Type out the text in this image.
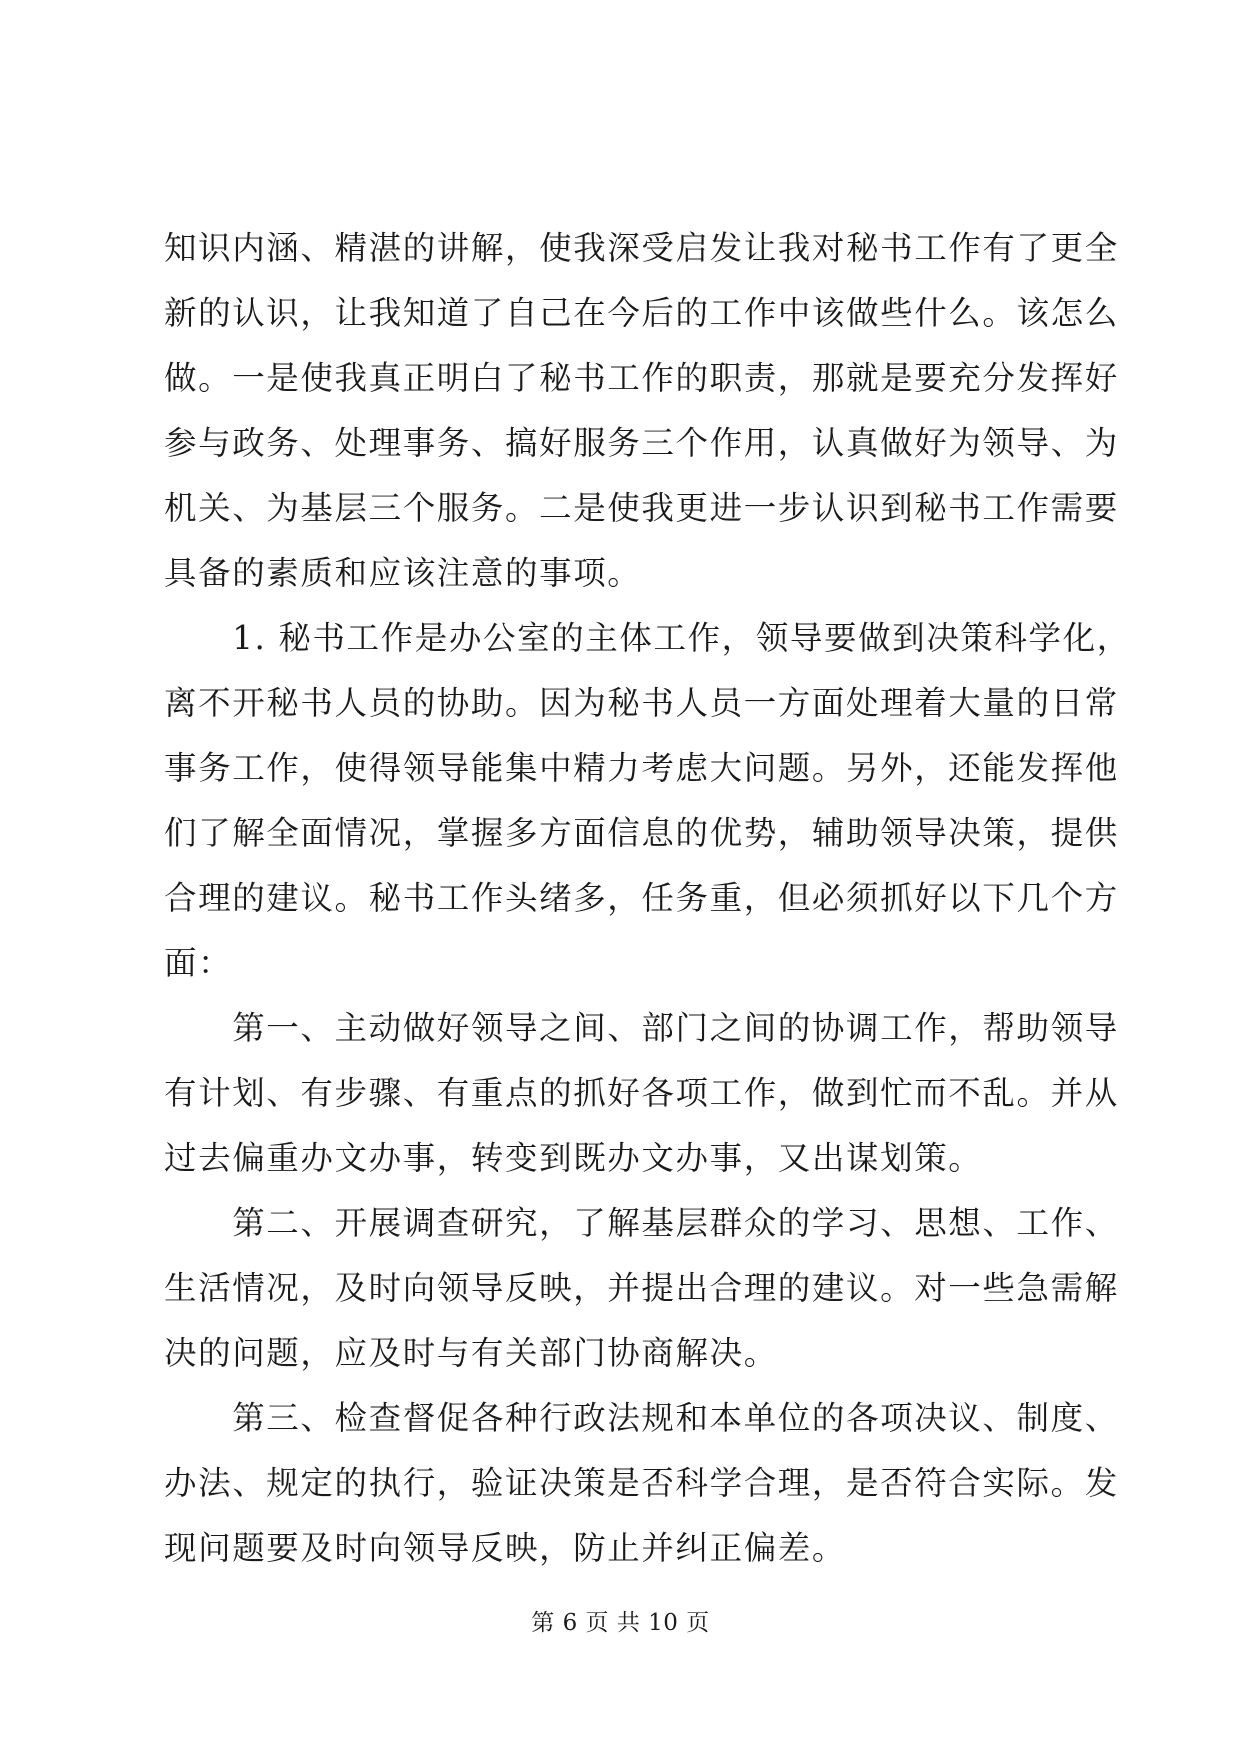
知识内涵、精湛的讲解，使我深受启发让我对秘书工作有了更全
新的认识，让我知道了自己在今后的工作中该做些什么。该怎么
做。一是使我真正明白了秘书工作的职责，那就是要充分发挥好
参与政务、处理事务、搞好服务三个作用，认真做好为领导、为
机关、为基层三个服务。二是使我更进一步认识到秘书工作需要
具备的素质和应该注意的事项。
　　1. 秘书工作是办公室的主体工作，领导要做到决策科学化，
离不开秘书人员的协助。因为秘书人员一方面处理着大量的日常
事务工作，使得领导能集中精力考虑大问题。另外，还能发挥他
们了解全面情况，掌握多方面信息的优势，辅助领导决策，提供
合理的建议。秘书工作头绪多，任务重，但必须抓好以下几个方
面：
　　第一、主动做好领导之间、部门之间的协调工作，帮助领导
有计划、有步骤、有重点的抓好各项工作，做到忙而不乱。并从
过去偏重办文办事，转变到既办文办事，又出谋划策。
　　第二、开展调查研究，了解基层群众的学习、思想、工作、
生活情况，及时向领导反映，并提出合理的建议。对一些急需解
决的问题，应及时与有关部门协商解决。
　　第三、检查督促各种行政法规和本单位的各项决议、制度、
办法、规定的执行，验证决策是否科学合理，是否符合实际。发
现问题要及时向领导反映，防止并纠正偏差。
第 6 页 共 10 页
